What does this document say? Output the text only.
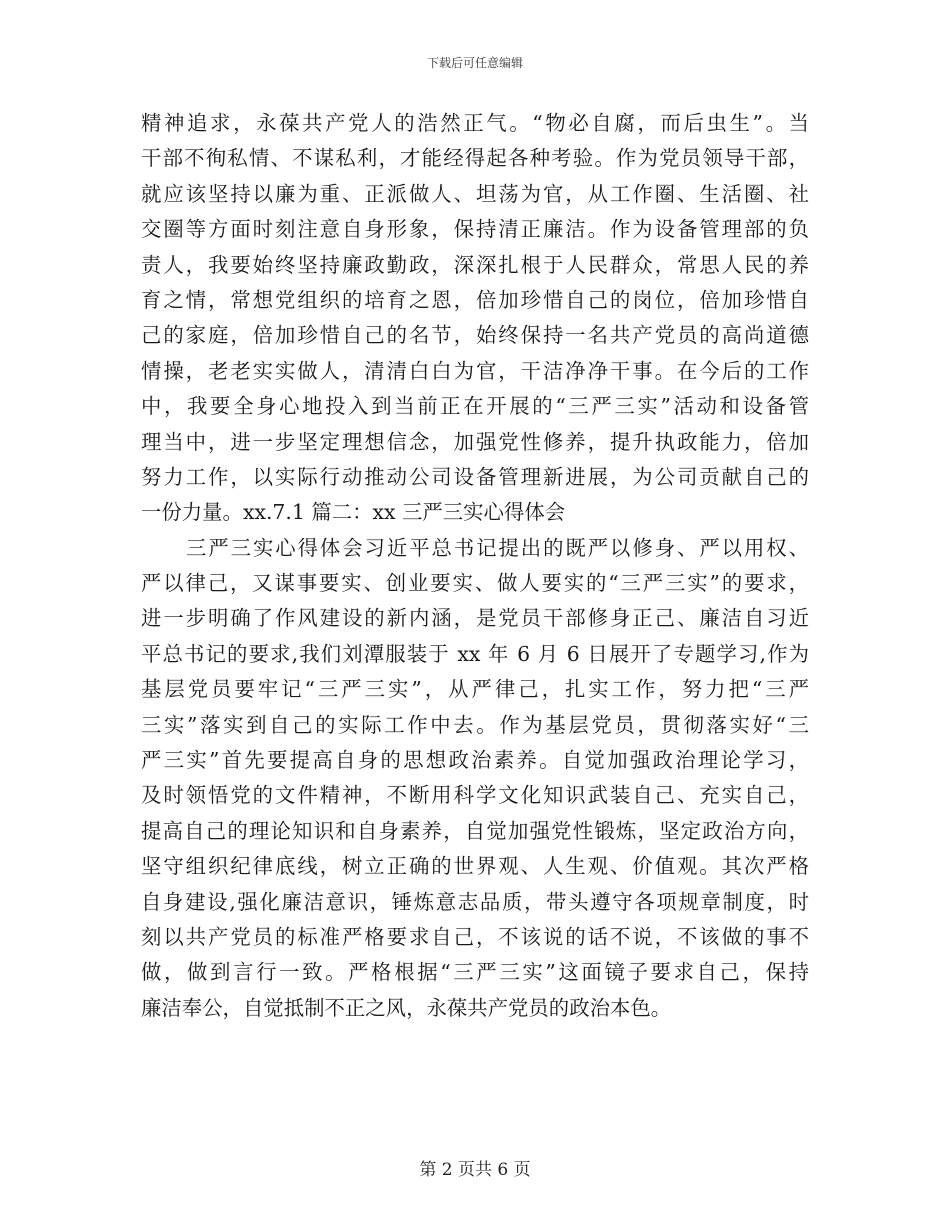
下载后可任意编辑
精神追求，永葆共产党人的浩然正气。“物必自腐，而后虫生”。当
干部不徇私情、不谋私利，才能经得起各种考验。作为党员领导干部，
就应该坚持以廉为重、正派做人、坦荡为官，从工作圈、生活圈、社
交圈等方面时刻注意自身形象，保持清正廉洁。作为设备管理部的负
责人，我要始终坚持廉政勤政，深深扎根于人民群众，常思人民的养
育之情，常想党组织的培育之恩，倍加珍惜自己的岗位，倍加珍惜自
己的家庭，倍加珍惜自己的名节，始终保持一名共产党员的高尚道德
情操，老老实实做人，清清白白为官，干洁净净干事。在今后的工作
中，我要全身心地投入到当前正在开展的“三严三实”活动和设备管
理当中，进一步坚定理想信念，加强党性修养，提升执政能力，倍加
努力工作，以实际行动推动公司设备管理新进展，为公司贡献自己的
一份力量。xx.7.1 篇二：xx 三严三实心得体会
三严三实心得体会习近平总书记提出的既严以修身、严以用权、
严以律己，又谋事要实、创业要实、做人要实的“三严三实”的要求，
进一步明确了作风建设的新内涵，是党员干部修身正己、廉洁自习近
平总书记的要求,我们刘潭服装于 xx 年 6 月 6 日展开了专题学习,作为
基层党员要牢记“三严三实”，从严律己，扎实工作，努力把“三严
三实”落实到自己的实际工作中去。作为基层党员，贯彻落实好“三
严三实”首先要提高自身的思想政治素养。自觉加强政治理论学习，
及时领悟党的文件精神，不断用科学文化知识武装自己、充实自己，
提高自己的理论知识和自身素养，自觉加强党性锻炼，坚定政治方向，
坚守组织纪律底线，树立正确的世界观、人生观、价值观。其次严格
自身建设,强化廉洁意识，锤炼意志品质，带头遵守各项规章制度，时
刻以共产党员的标准严格要求自己，不该说的话不说，不该做的事不
做，做到言行一致。严格根据“三严三实”这面镜子要求自己，保持
廉洁奉公，自觉抵制不正之风，永葆共产党员的政治本色。
第 2 页共 6 页
